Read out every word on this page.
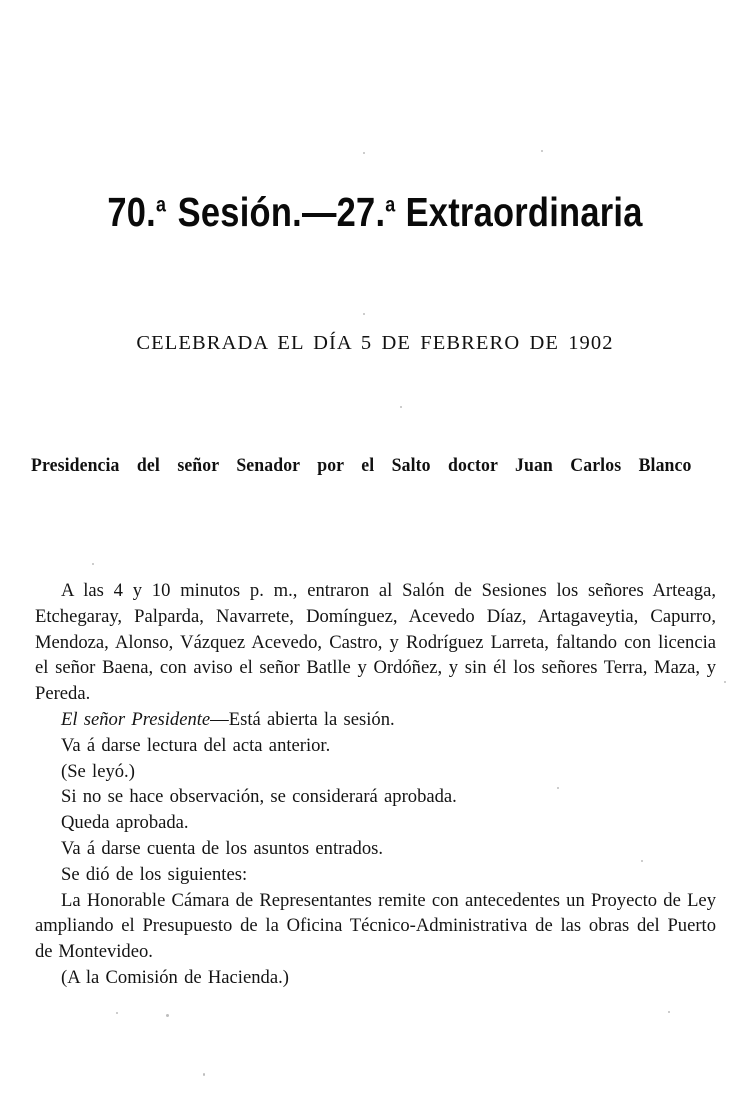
70.$^a$ Sesión.—27.$^a$ Extraordinaria
CELEBRADA EL DÍA 5 DE FEBRERO DE 1902
Presidencia del señor Senador por el Salto doctor Juan Carlos Blanco

A las 4 y 10 minutos p. m., entraron al Salón de Sesiones los señores Arteaga, Etchegaray, Palparda, Navarrete, Domínguez, Acevedo Díaz, Artagaveytia, Capurro, Mendoza, Alonso, Vázquez Acevedo, Castro, y Rodríguez Larreta, faltando con licencia el señor Baena, con aviso el señor Batlle y Ordóñez, y sin él los señores Terra, Maza, y Pereda.

El señor Presidente—Está abierta la sesión.

Va á darse lectura del acta anterior.

(Se leyó.)

Si no se hace observación, se considerará aprobada.

Queda aprobada.

Va á darse cuenta de los asuntos entrados.

Se dió de los siguientes:

La Honorable Cámara de Representantes remite con antecedentes un Proyecto de Ley ampliando el Presupuesto de la Oficina Técnico-Administrativa de las obras del Puerto de Montevideo.

(A la Comisión de Hacienda.)
